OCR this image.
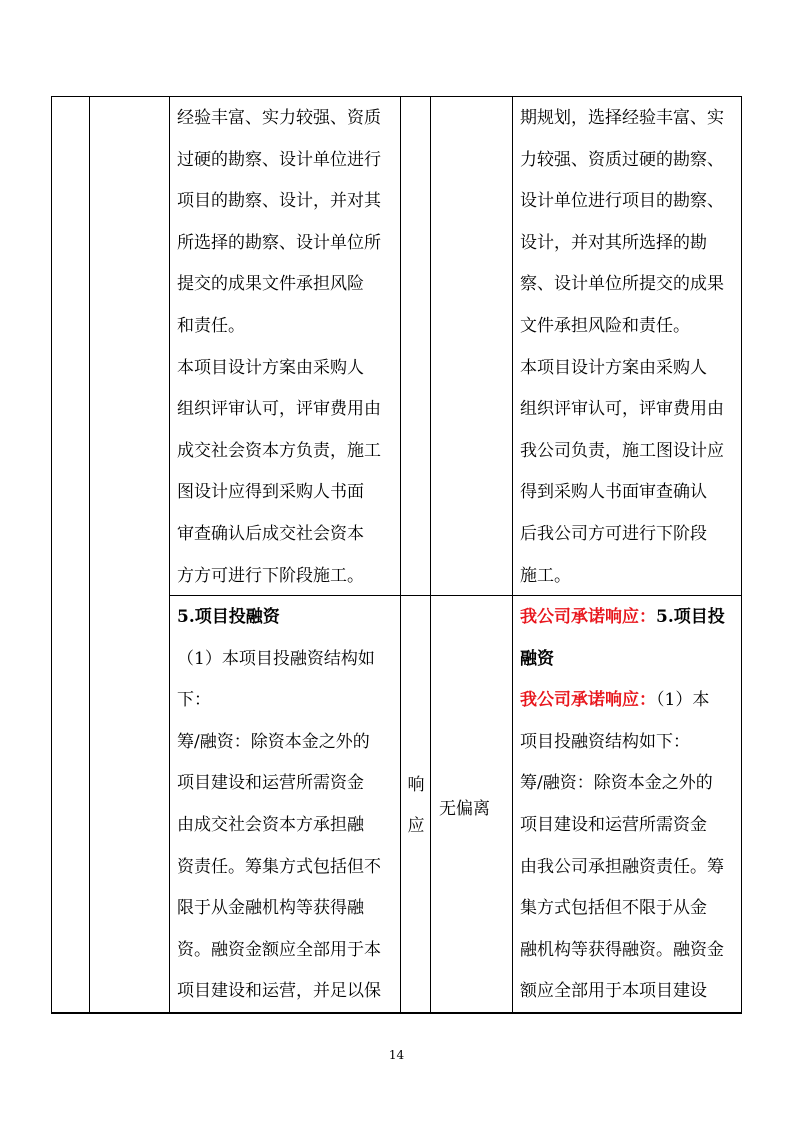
经验丰富、实力较强、资质
过硬的勘察、设计单位进行
项目的勘察、设计，并对其
所选择的勘察、设计单位所
提交的成果文件承担风险
和责任。
本项目设计方案由采购人
组织评审认可，评审费用由
成交社会资本方负责，施工
图设计应得到采购人书面
审查确认后成交社会资本
方方可进行下阶段施工。
期规划，选择经验丰富、实
力较强、资质过硬的勘察、
设计单位进行项目的勘察、
设计，并对其所选择的勘
察、设计单位所提交的成果
文件承担风险和责任。
本项目设计方案由采购人
组织评审认可，评审费用由
我公司负责，施工图设计应
得到采购人书面审查确认
后我公司方可进行下阶段
施工。
5.项目投融资
（1）本项目投融资结构如
下：
筹/融资：除资本金之外的
项目建设和运营所需资金
由成交社会资本方承担融
资责任。筹集方式包括但不
限于从金融机构等获得融
资。融资金额应全部用于本
项目建设和运营，并足以保
响
应
无偏离
我公司承诺响应：5.项目投
融资
我公司承诺响应：（1）本
项目投融资结构如下：
筹/融资：除资本金之外的
项目建设和运营所需资金
由我公司承担融资责任。筹
集方式包括但不限于从金
融机构等获得融资。融资金
额应全部用于本项目建设
14
